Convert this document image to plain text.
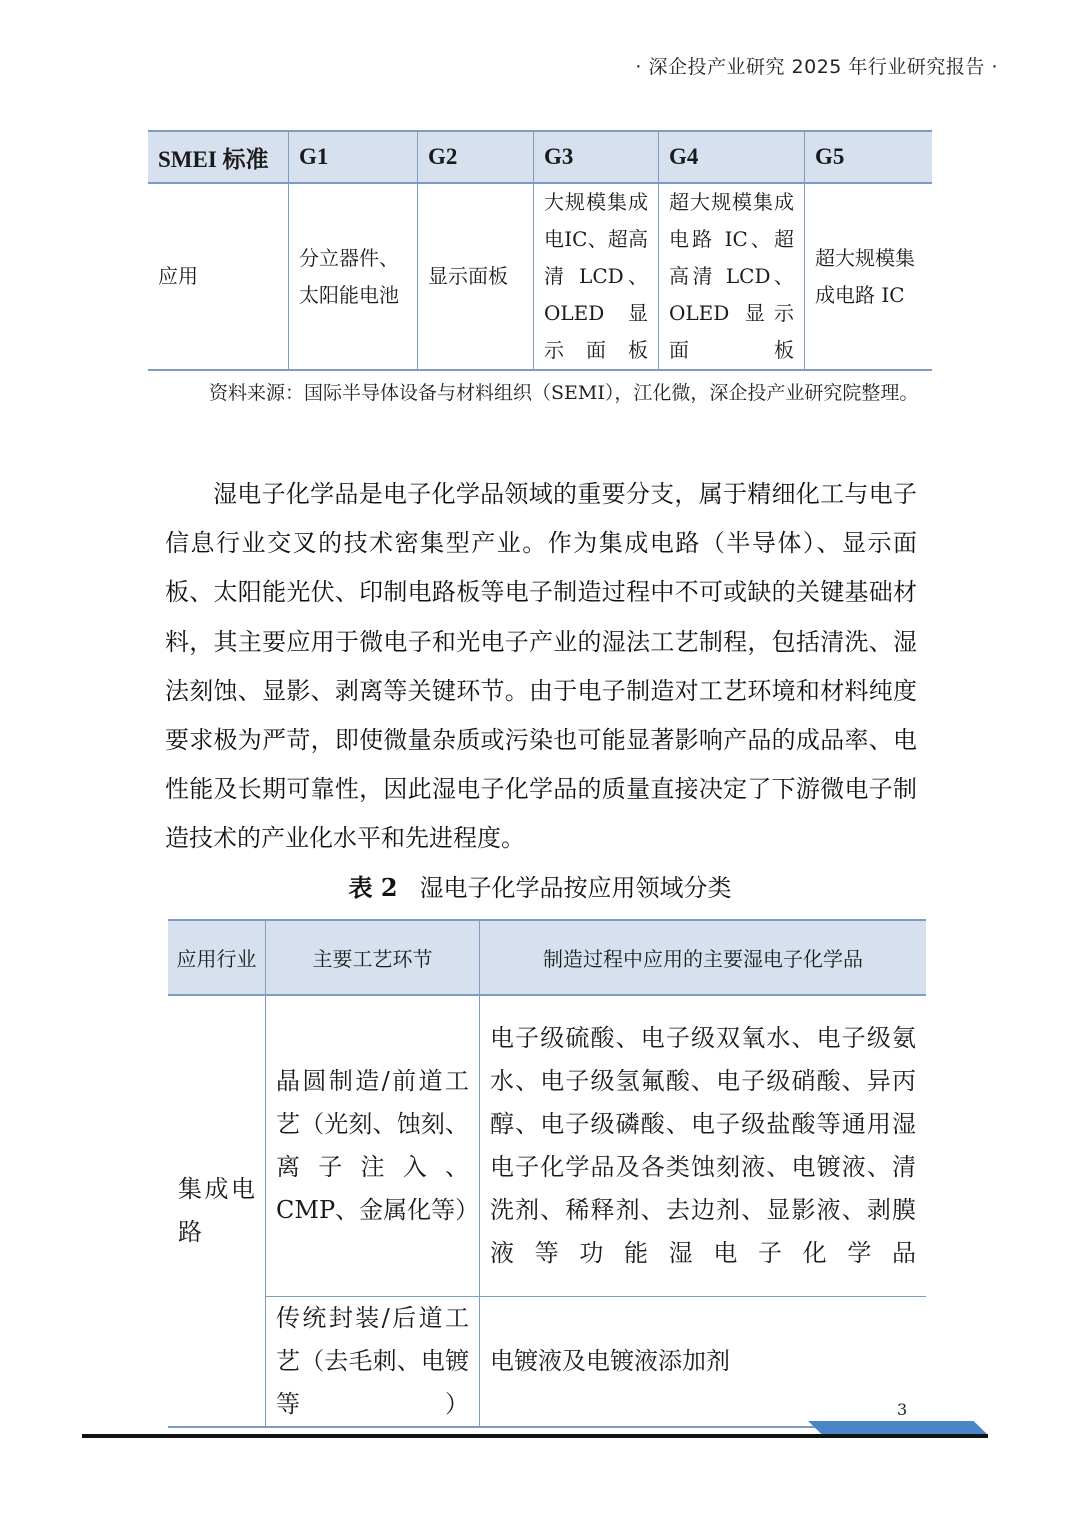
· 深企投产业研究 2025 年行业研究报告 ·
SMEI 标准	G1	G2	G3	G4	G5
应用	分立器件、太阳能电池	显示面板	大规模集成电IC、超高清 LCD、OLED 显示面板	超大规模集成电路 IC、超高清 LCD、OLED 显示面板	超大规模集成电路 IC
资料来源：国际半导体设备与材料组织（SEMI），江化微，深企投产业研究院整理。
湿电子化学品是电子化学品领域的重要分支，属于精细化工与电子信息行业交叉的技术密集型产业。作为集成电路（半导体）、显示面板、太阳能光伏、印制电路板等电子制造过程中不可或缺的关键基础材料，其主要应用于微电子和光电子产业的湿法工艺制程，包括清洗、湿法刻蚀、显影、剥离等关键环节。由于电子制造对工艺环境和材料纯度要求极为严苛，即使微量杂质或污染也可能显著影响产品的成品率、电性能及长期可靠性，因此湿电子化学品的质量直接决定了下游微电子制造技术的产业化水平和先进程度。
表 2 湿电子化学品按应用领域分类
应用行业	主要工艺环节	制造过程中应用的主要湿电子化学品
集成电路	晶圆制造/前道工艺（光刻、蚀刻、离子注入、CMP、金属化等）	电子级硫酸、电子级双氧水、电子级氨水、电子级氢氟酸、电子级硝酸、异丙醇、电子级磷酸、电子级盐酸等通用湿电子化学品及各类蚀刻液、电镀液、清洗剂、稀释剂、去边剂、显影液、剥膜液等功能湿电子化学品
	传统封装/后道工艺（去毛刺、电镀等）	电镀液及电镀液添加剂
3
